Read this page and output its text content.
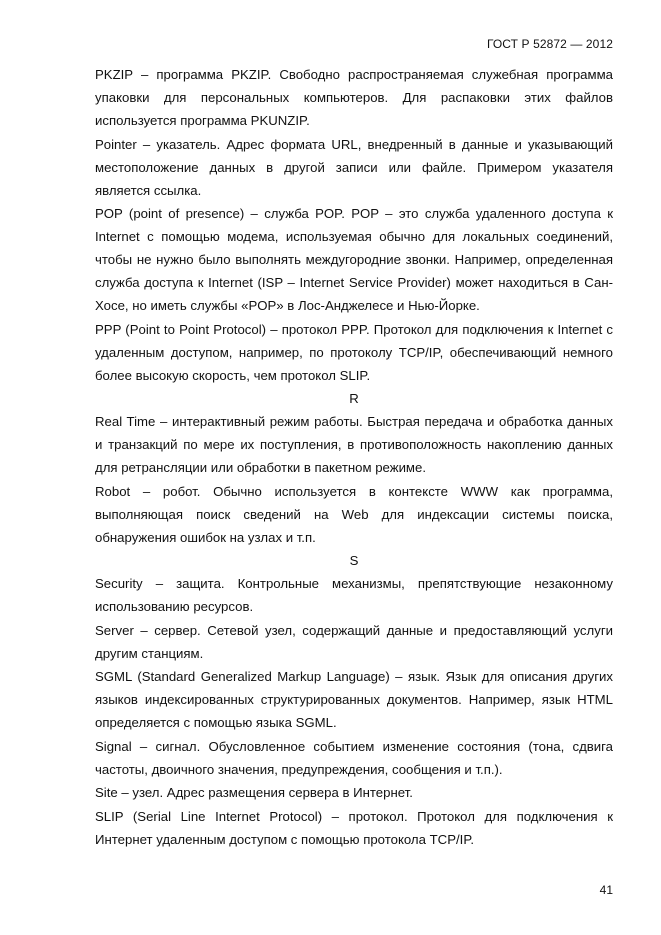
ГОСТ Р 52872 — 2012

PKZIP – программа PKZIP. Свободно распространяемая служебная программа упаковки для персональных компьютеров. Для распаковки этих файлов используется программа PKUNZIP.

Pointer – указатель. Адрес формата URL, внедренный в данные и указывающий местоположение данных в другой записи или файле. Примером указателя является ссылка.

POP (point of presence) – служба POP. POP – это служба удаленного доступа к Internet с помощью модема, используемая обычно для локальных соединений, чтобы не нужно было выполнять междугородние звонки. Например, определенная служба доступа к Internet (ISP – Internet Service Provider) может находиться в Сан-Хосе, но иметь службы «POP» в Лос-Анджелесе и Нью-Йорке.

PPP (Point to Point Protocol) – протокол PPP. Протокол для подключения к Internet с удаленным доступом, например, по протоколу TCP/IP, обеспечивающий немного более высокую скорость, чем протокол SLIP.

R

Real Time – интерактивный режим работы. Быстрая передача и обработка данных и транзакций по мере их поступления, в противоположность накоплению данных для ретрансляции или обработки в пакетном режиме.

Robot – робот. Обычно используется в контексте WWW как программа, выполняющая поиск сведений на Web для индексации системы поиска, обнаружения ошибок на узлах и т.п.

S

Security – защита. Контрольные механизмы, препятствующие незаконному использованию ресурсов.

Server – сервер. Сетевой узел, содержащий данные и предоставляющий услуги другим станциям.

SGML (Standard Generalized Markup Language) – язык. Язык для описания других языков индексированных структурированных документов. Например, язык HTML определяется с помощью языка SGML.

Signal – сигнал. Обусловленное событием изменение состояния (тона, сдвига частоты, двоичного значения, предупреждения, сообщения и т.п.).

Site – узел. Адрес размещения сервера в Интернет.

SLIP (Serial Line Internet Protocol) – протокол. Протокол для подключения к Интернет удаленным доступом с помощью протокола TCP/IP.

41
